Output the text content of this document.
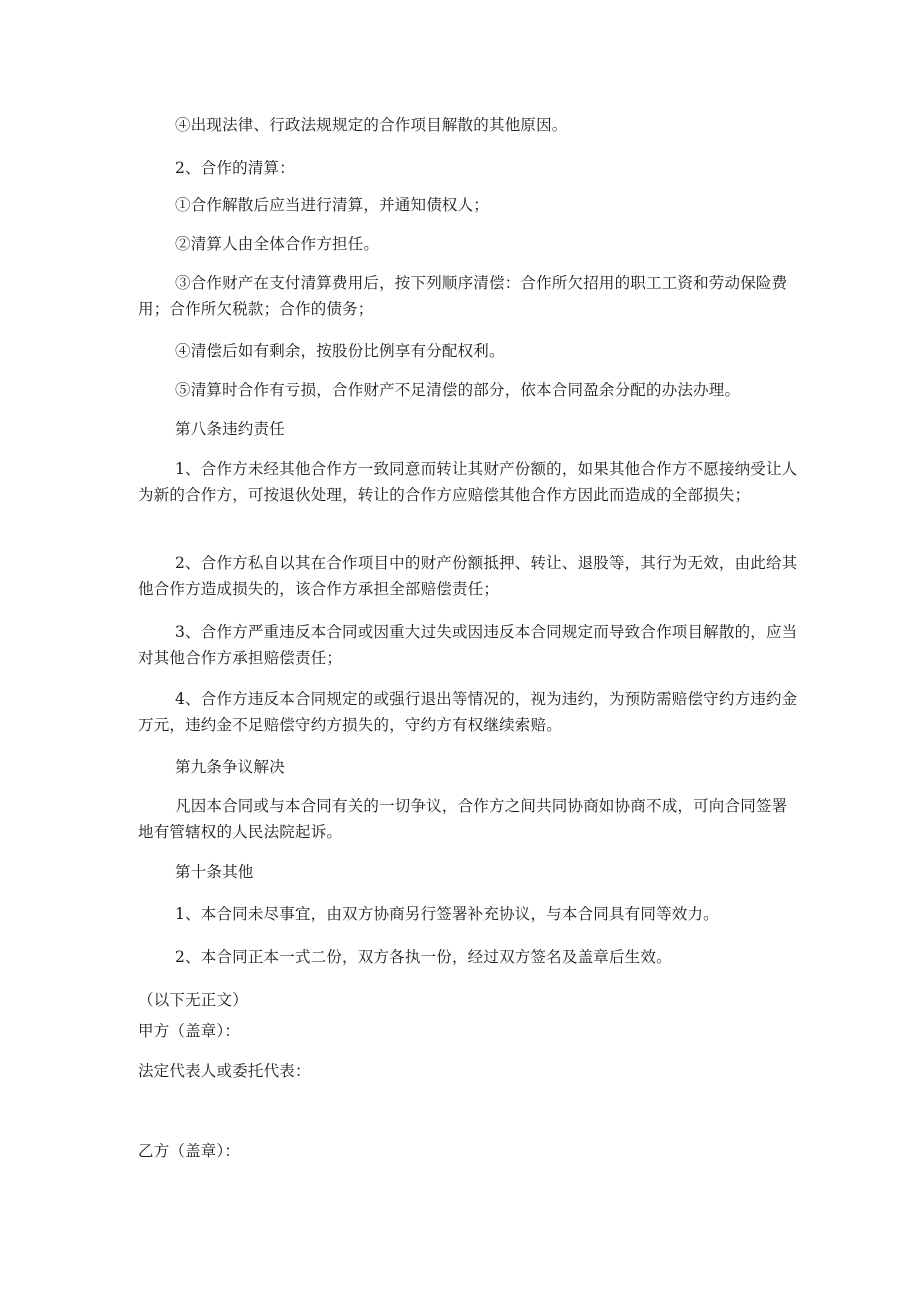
④出现法律、行政法规规定的合作项目解散的其他原因。
2、合作的清算：
①合作解散后应当进行清算，并通知债权人；
②清算人由全体合作方担任。
③合作财产在支付清算费用后，按下列顺序清偿：合作所欠招用的职工工资和劳动保险费用；合作所欠税款；合作的债务；
④清偿后如有剩余，按股份比例享有分配权利。
⑤清算时合作有亏损，合作财产不足清偿的部分，依本合同盈余分配的办法办理。
第八条违约责任
1、合作方未经其他合作方一致同意而转让其财产份额的，如果其他合作方不愿接纳受让人为新的合作方，可按退伙处理，转让的合作方应赔偿其他合作方因此而造成的全部损失；
2、合作方私自以其在合作项目中的财产份额抵押、转让、退股等，其行为无效，由此给其他合作方造成损失的，该合作方承担全部赔偿责任；
3、合作方严重违反本合同或因重大过失或因违反本合同规定而导致合作项目解散的，应当对其他合作方承担赔偿责任；
4、合作方违反本合同规定的或强行退出等情况的，视为违约，为预防需赔偿守约方违约金万元，违约金不足赔偿守约方损失的，守约方有权继续索赔。
第九条争议解决
凡因本合同或与本合同有关的一切争议，合作方之间共同协商如协商不成，可向合同签署地有管辖权的人民法院起诉。
第十条其他
1、本合同未尽事宜，由双方协商另行签署补充协议，与本合同具有同等效力。
2、本合同正本一式二份，双方各执一份，经过双方签名及盖章后生效。
（以下无正文）
甲方（盖章）：
法定代表人或委托代表：
乙方（盖章）：
